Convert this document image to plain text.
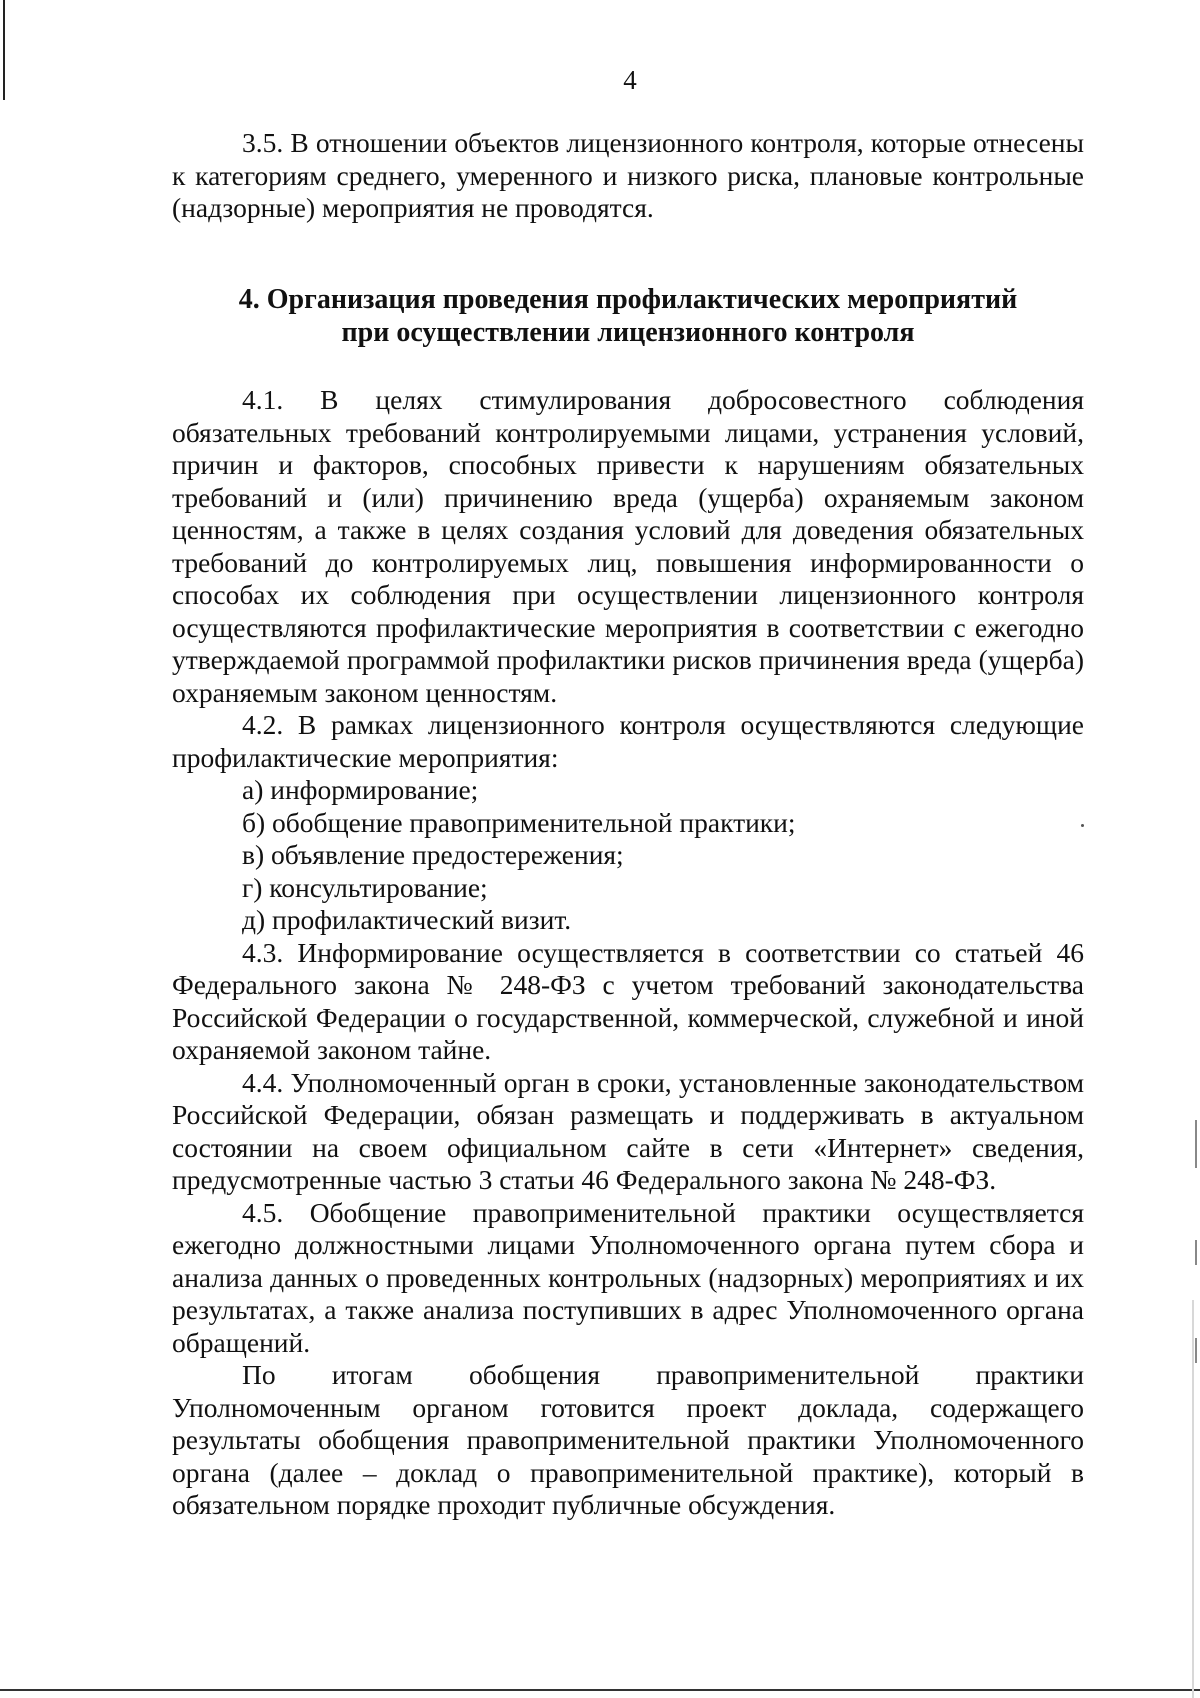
4

3.5. В отношении объектов лицензионного контроля, которые отнесены к категориям среднего, умеренного и низкого риска, плановые контрольные (надзорные) мероприятия не проводятся.

4. Организация проведения профилактических мероприятий
при осуществлении лицензионного контроля

4.1. В целях стимулирования добросовестного соблюдения обязательных требований контролируемыми лицами, устранения условий, причин и факторов, способных привести к нарушениям обязательных требований и (или) причинению вреда (ущерба) охраняемым законом ценностям, а также в целях создания условий для доведения обязательных требований до контролируемых лиц, повышения информированности о способах их соблюдения при осуществлении лицензионного контроля осуществляются профилактические мероприятия в соответствии с ежегодно утверждаемой программой профилактики рисков причинения вреда (ущерба) охраняемым законом ценностям.

4.2. В рамках лицензионного контроля осуществляются следующие профилактические мероприятия:

а) информирование;

б) обобщение правоприменительной практики;

в) объявление предостережения;

г) консультирование;

д) профилактический визит.

4.3. Информирование осуществляется в соответствии со статьей 46 Федерального закона № 248-ФЗ с учетом требований законодательства Российской Федерации о государственной, коммерческой, служебной и иной охраняемой законом тайне.

4.4. Уполномоченный орган в сроки, установленные законодательством Российской Федерации, обязан размещать и поддерживать в актуальном состоянии на своем официальном сайте в сети «Интернет» сведения, предусмотренные частью 3 статьи 46 Федерального закона № 248-ФЗ.

4.5. Обобщение правоприменительной практики осуществляется ежегодно должностными лицами Уполномоченного органа путем сбора и анализа данных о проведенных контрольных (надзорных) мероприятиях и их результатах, а также анализа поступивших в адрес Уполномоченного органа обращений.

По итогам обобщения правоприменительной практики Уполномоченным органом готовится проект доклада, содержащего результаты обобщения правоприменительной практики Уполномоченного органа (далее – доклад о правоприменительной практике), который в обязательном порядке проходит публичные обсуждения.
